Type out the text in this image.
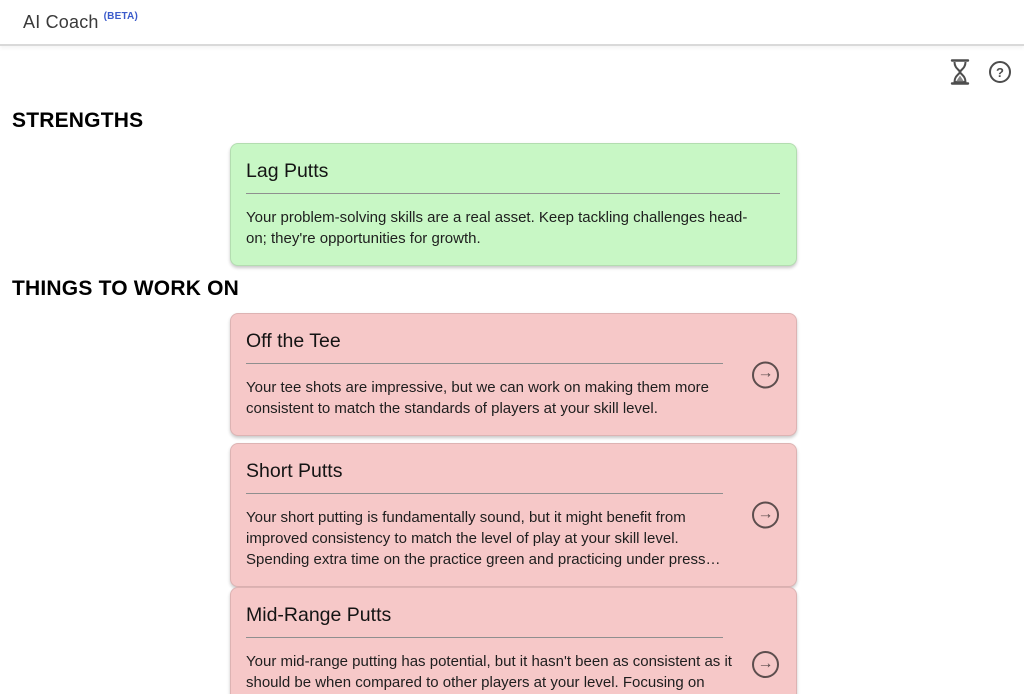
AI Coach (BETA)
?
STRENGTHS
Lag Putts
Your problem-solving skills are a real asset. Keep tackling challenges head-on; they're opportunities for growth.
THINGS TO WORK ON
Off the Tee
Your tee shots are impressive, but we can work on making them more consistent to match the standards of players at your skill level.
→
Short Putts
Your short putting is fundamentally sound, but it might benefit from improved consistency to match the level of play at your skill level. Spending extra time on the practice green and practicing under press…
→
Mid-Range Putts
Your mid-range putting has potential, but it hasn't been as consistent as it should be when compared to other players at your level. Focusing on
→
